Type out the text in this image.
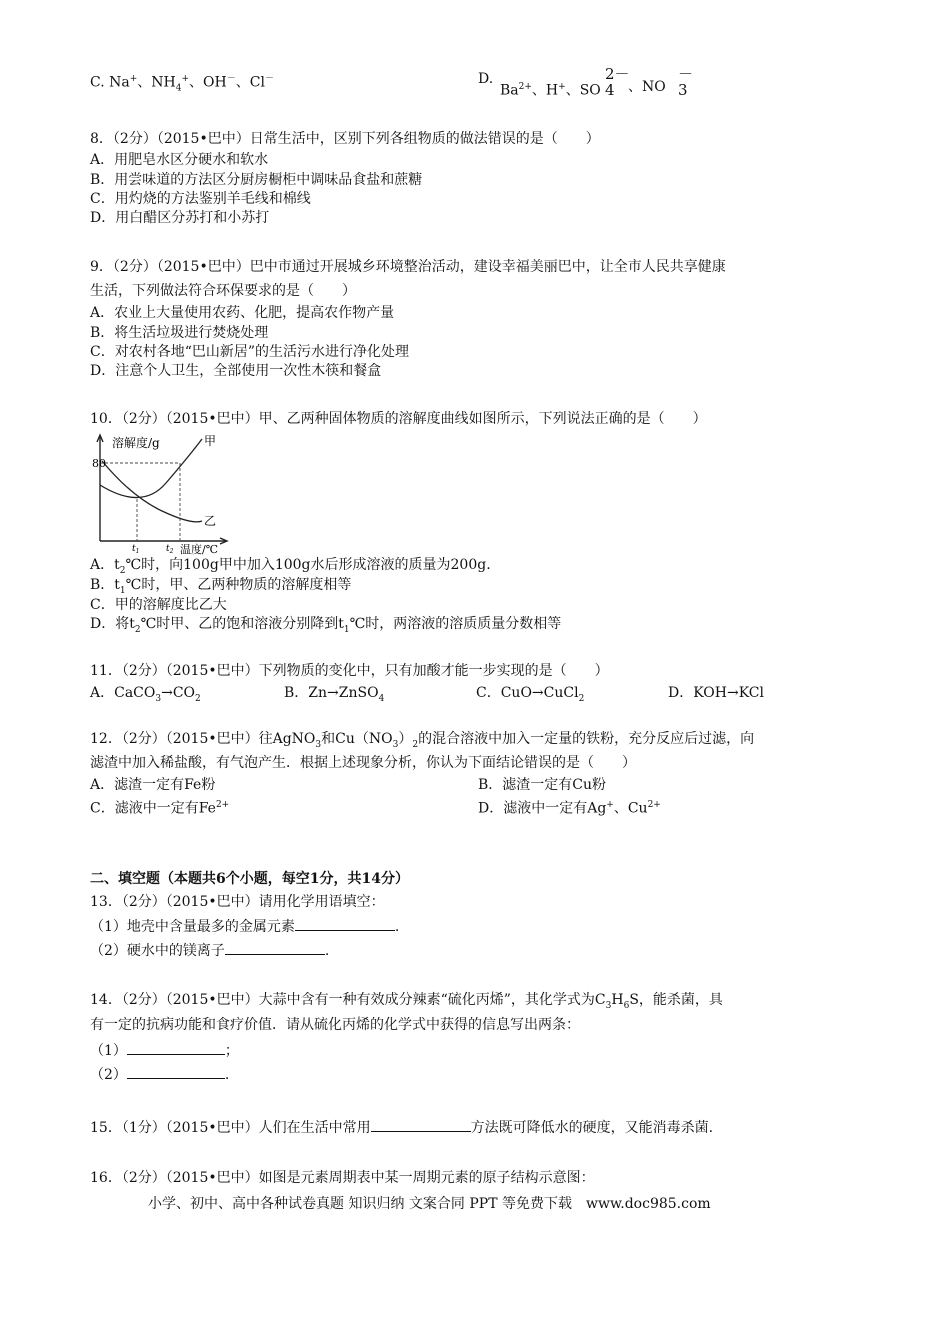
C. Na+、$NH_4^+$、OH－、Cl－	D.
$Ba^{2+}$、H+、SO
2－
4 、NO
－
3
8．（2分）（2015•巴中）日常生活中，区别下列各组物质的做法错误的是（　　）
A．用肥皂水区分硬水和软水
B．用尝味道的方法区分厨房橱柜中调味品食盐和蔗糖
C．用灼烧的方法鉴别羊毛线和棉线
D．用白醋区分苏打和小苏打
9．（2分）（2015•巴中）巴中市通过开展城乡环境整治活动，建设幸福美丽巴中，让全市人民共享健康
生活，下列做法符合环保要求的是（　　）
A．农业上大量使用农药、化肥，提高农作物产量
B．将生活垃圾进行焚烧处理
C．对农村各地“巴山新居”的生活污水进行净化处理
D．注意个人卫生，全部使用一次性木筷和餐盒
10．（2分）（2015•巴中）甲、乙两种固体物质的溶解度曲线如图所示，下列说法正确的是（　　）
溶解度/g
80
甲
乙
$t_1$	$t_2$ 温度/℃
A．$t_2℃$时，向100g甲中加入100g水后形成溶液的质量为200g.
B．$t_1℃$时，甲、乙两种物质的溶解度相等
C．甲的溶解度比乙大
D．将$t_2℃$时甲、乙的饱和溶液分别降到$t_1℃$时，两溶液的溶质质量分数相等
11．（2分）（2015•巴中）下列物质的变化中，只有加酸才能一步实现的是（　　）
A．$CaCO_3\to CO_2$	B．Zn→ZnSO$_4$	C．CuO→CuCl$_2$	D．KOH→KCl
12．（2分）（2015•巴中）往AgNO$_3$和$Cu(NO_3)_2$的混合溶液中加入一定量的铁粉，充分反应后过滤，向
滤渣中加入稀盐酸，有气泡产生．根据上述现象分析，你认为下面结论错误的是（　　）
A．滤渣一定有Fe粉	B．滤渣一定有Cu粉
C．滤液中一定有$Fe^{2+}$	D．滤液中一定有Ag+、$Cu^{2+}$
二、填空题（本题共6个小题，每空1分，共14分）
13．（2分）（2015•巴中）请用化学用语填空：
（1）地壳中含量最多的金属元素	.
（2）硬水中的镁离子	.
14．（2分）（2015•巴中）大蒜中含有一种有效成分辣素“硫化丙烯”，其化学式为$C_3H_6S$，能杀菌，具
有一定的抗病功能和食疗价值．请从硫化丙烯的化学式中获得的信息写出两条：
（1）	；
（2）	.
15．（1分）（2015•巴中）人们在生活中常用	方法既可降低水的硬度，又能消毒杀菌.
16．（2分）（2015•巴中）如图是元素周期表中某一周期元素的原子结构示意图：
小学、初中、高中各种试卷真题 知识归纳 文案合同 PPT 等免费下载　www.doc985.com
